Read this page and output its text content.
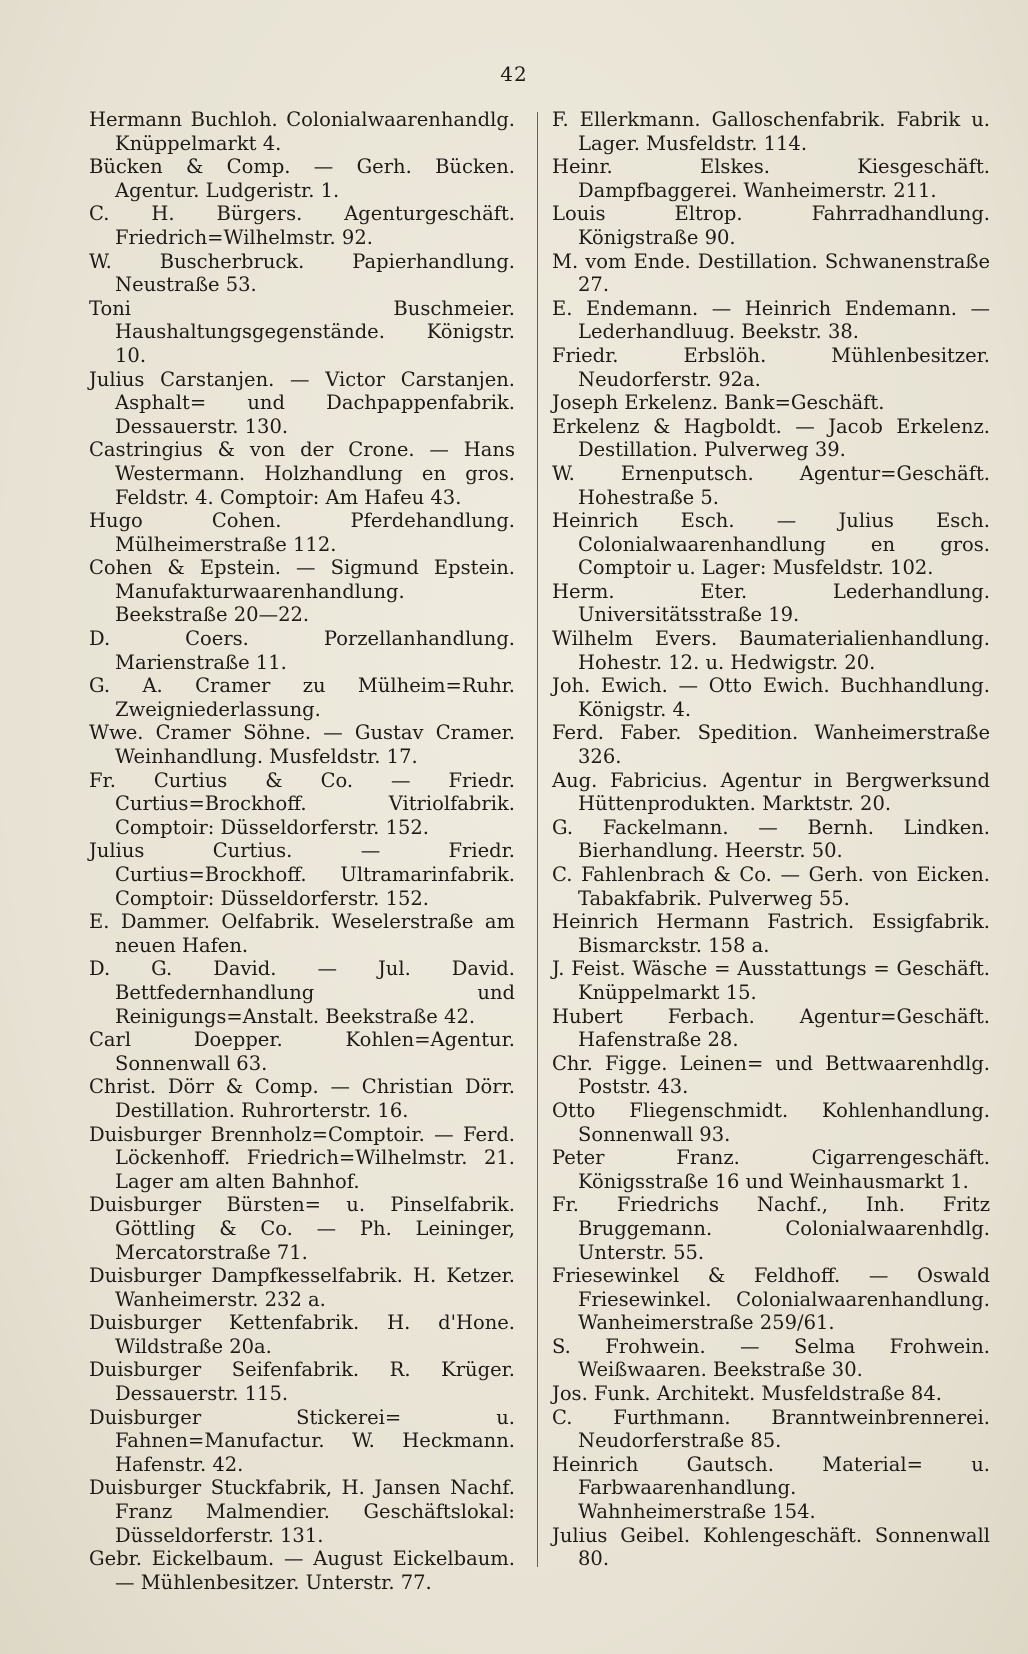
42

Hermann Buchloh. Colonialwaarenhandlg. Knüppelmarkt 4.

Bücken & Comp. — Gerh. Bücken. Agentur. Ludgeristr. 1.

C. H. Bürgers. Agenturgeschäft. Friedrich=Wilhelmstr. 92.

W. Buscherbruck. Papierhandlung. Neustraße 53.

Toni Buschmeier. Haushaltungsgegenstände. Königstr. 10.

Julius Carstanjen. — Victor Carstanjen. Asphalt= und Dachpappenfabrik. Dessauerstr. 130.

Castringius & von der Crone. — Hans Westermann. Holzhandlung en gros. Feldstr. 4. Comptoir: Am Hafeu 43.

Hugo Cohen. Pferdehandlung. Mülheimerstraße 112.

Cohen & Epstein. — Sigmund Epstein. Manufakturwaarenhandlung. Beekstraße 20—22.

D. Coers. Porzellanhandlung. Marienstraße 11.

G. A. Cramer zu Mülheim=Ruhr. Zweigniederlassung.

Wwe. Cramer Söhne. — Gustav Cramer. Weinhandlung. Musfeldstr. 17.

Fr. Curtius & Co. — Friedr. Curtius=Brockhoff. Vitriolfabrik. Comptoir: Düsseldorferstr. 152.

Julius Curtius. — Friedr. Curtius=Brockhoff. Ultramarinfabrik. Comptoir: Düsseldorferstr. 152.

E. Dammer. Oelfabrik. Weselerstraße am neuen Hafen.

D. G. David. — Jul. David. Bettfedernhandlung und Reinigungs=Anstalt. Beekstraße 42.

Carl Doepper. Kohlen=Agentur. Sonnenwall 63.

Christ. Dörr & Comp. — Christian Dörr. Destillation. Ruhrorterstr. 16.

Duisburger Brennholz=Comptoir. — Ferd. Löckenhoff. Friedrich=Wilhelmstr. 21. Lager am alten Bahnhof.

Duisburger Bürsten= u. Pinselfabrik. Göttling & Co. — Ph. Leininger, Mercatorstraße 71.

Duisburger Dampfkesselfabrik. H. Ketzer. Wanheimerstr. 232 a.

Duisburger Kettenfabrik. H. d'Hone. Wildstraße 20a.

Duisburger Seifenfabrik. R. Krüger. Dessauerstr. 115.

Duisburger Stickerei= u. Fahnen=Manufactur. W. Heckmann. Hafenstr. 42.

Duisburger Stuckfabrik, H. Jansen Nachf. Franz Malmendier. Geschäftslokal: Düsseldorferstr. 131.

Gebr. Eickelbaum. — August Eickelbaum. — Mühlenbesitzer. Unterstr. 77.

F. Ellerkmann. Galloschenfabrik. Fabrik u. Lager. Musfeldstr. 114.

Heinr. Elskes. Kiesgeschäft. Dampfbaggerei. Wanheimerstr. 211.

Louis Eltrop. Fahrradhandlung. Königstraße 90.

M. vom Ende. Destillation. Schwanenstraße 27.

E. Endemann. — Heinrich Endemann. — Lederhandluug. Beekstr. 38.

Friedr. Erbslöh. Mühlenbesitzer. Neudorferstr. 92a.

Joseph Erkelenz. Bank=Geschäft.

Erkelenz & Hagboldt. — Jacob Erkelenz. Destillation. Pulverweg 39.

W. Ernenputsch. Agentur=Geschäft. Hohestraße 5.

Heinrich Esch. — Julius Esch. Colonialwaarenhandlung en gros. Comptoir u. Lager: Musfeldstr. 102.

Herm. Eter. Lederhandlung. Universitätsstraße 19.

Wilhelm Evers. Baumaterialienhandlung. Hohestr. 12. u. Hedwigstr. 20.

Joh. Ewich. — Otto Ewich. Buchhandlung. Königstr. 4.

Ferd. Faber. Spedition. Wanheimerstraße 326.

Aug. Fabricius. Agentur in Bergwerksund Hüttenprodukten. Marktstr. 20.

G. Fackelmann. — Bernh. Lindken. Bierhandlung. Heerstr. 50.

C. Fahlenbrach & Co. — Gerh. von Eicken. Tabakfabrik. Pulverweg 55.

Heinrich Hermann Fastrich. Essigfabrik. Bismarckstr. 158 a.

J. Feist. Wäsche = Ausstattungs = Geschäft. Knüppelmarkt 15.

Hubert Ferbach. Agentur=Geschäft. Hafenstraße 28.

Chr. Figge. Leinen= und Bettwaarenhdlg. Poststr. 43.

Otto Fliegenschmidt. Kohlenhandlung. Sonnenwall 93.

Peter Franz. Cigarrengeschäft. Königsstraße 16 und Weinhausmarkt 1.

Fr. Friedrichs Nachf., Inh. Fritz Bruggemann. Colonialwaarenhdlg. Unterstr. 55.

Friesewinkel & Feldhoff. — Oswald Friesewinkel. Colonialwaarenhandlung. Wanheimerstraße 259/61.

S. Frohwein. — Selma Frohwein. Weißwaaren. Beekstraße 30.

Jos. Funk. Architekt. Musfeldstraße 84.

C. Furthmann. Branntweinbrennerei. Neudorferstraße 85.

Heinrich Gautsch. Material= u. Farbwaarenhandlung. Wahnheimerstraße 154.

Julius Geibel. Kohlengeschäft. Sonnenwall 80.
